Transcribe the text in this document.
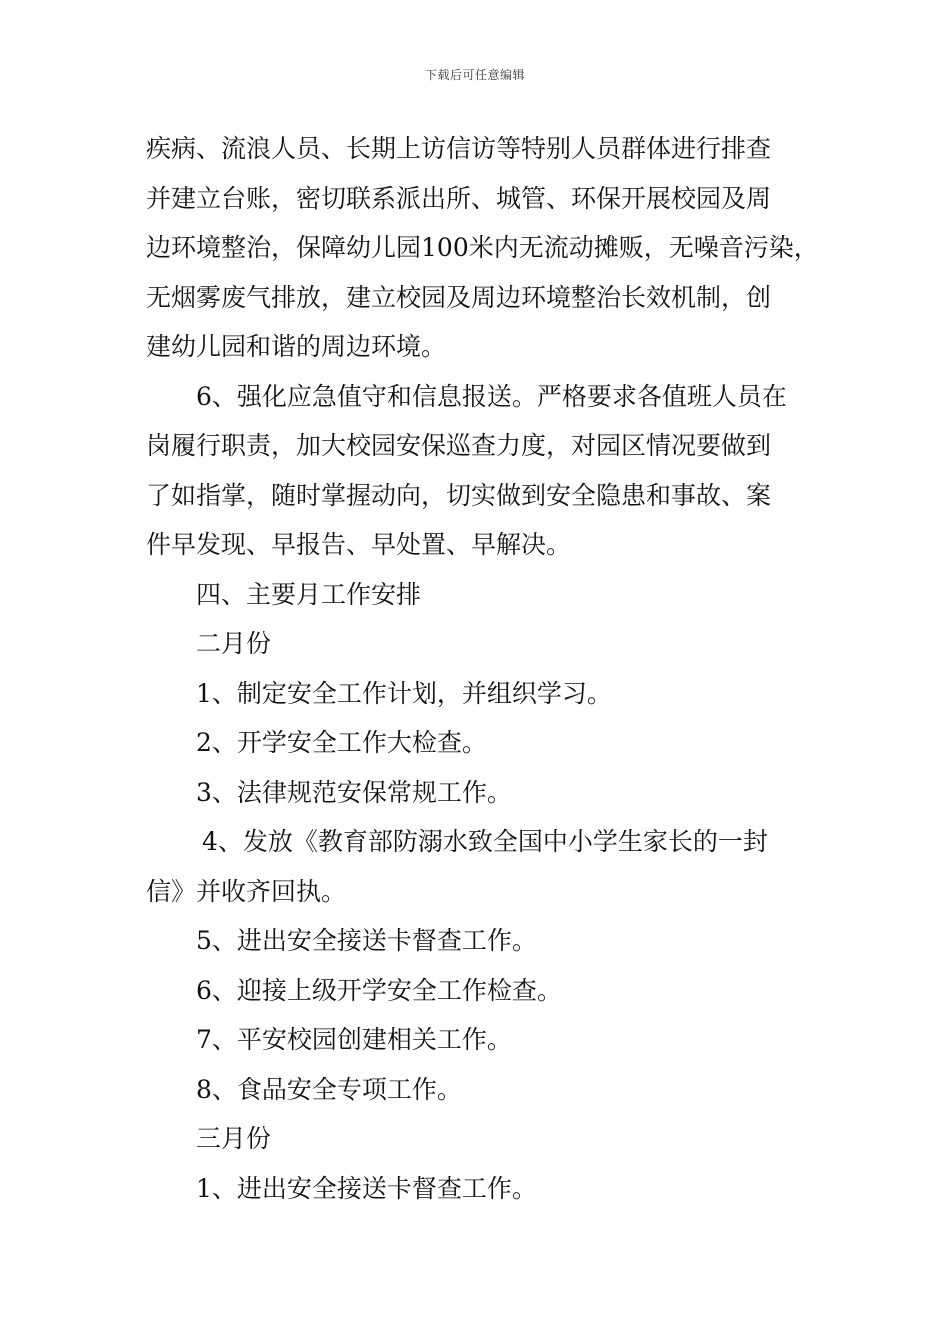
下载后可任意编辑
疾病、流浪人员、长期上访信访等特别人员群体进行排查
并建立台账，密切联系派出所、城管、环保开展校园及周
边环境整治，保障幼儿园100米内无流动摊贩，无噪音污染，
无烟雾废气排放，建立校园及周边环境整治长效机制，创
建幼儿园和谐的周边环境。
6、强化应急值守和信息报送。严格要求各值班人员在
岗履行职责，加大校园安保巡查力度，对园区情况要做到
了如指掌，随时掌握动向，切实做到安全隐患和事故、案
件早发现、早报告、早处置、早解决。
四、主要月工作安排
二月份
1、制定安全工作计划，并组织学习。
2、开学安全工作大检查。
3、法律规范安保常规工作。
4、发放《教育部防溺水致全国中小学生家长的一封
信》并收齐回执。
5、进出安全接送卡督查工作。
6、迎接上级开学安全工作检查。
7、平安校园创建相关工作。
8、食品安全专项工作。
三月份
1、进出安全接送卡督查工作。
